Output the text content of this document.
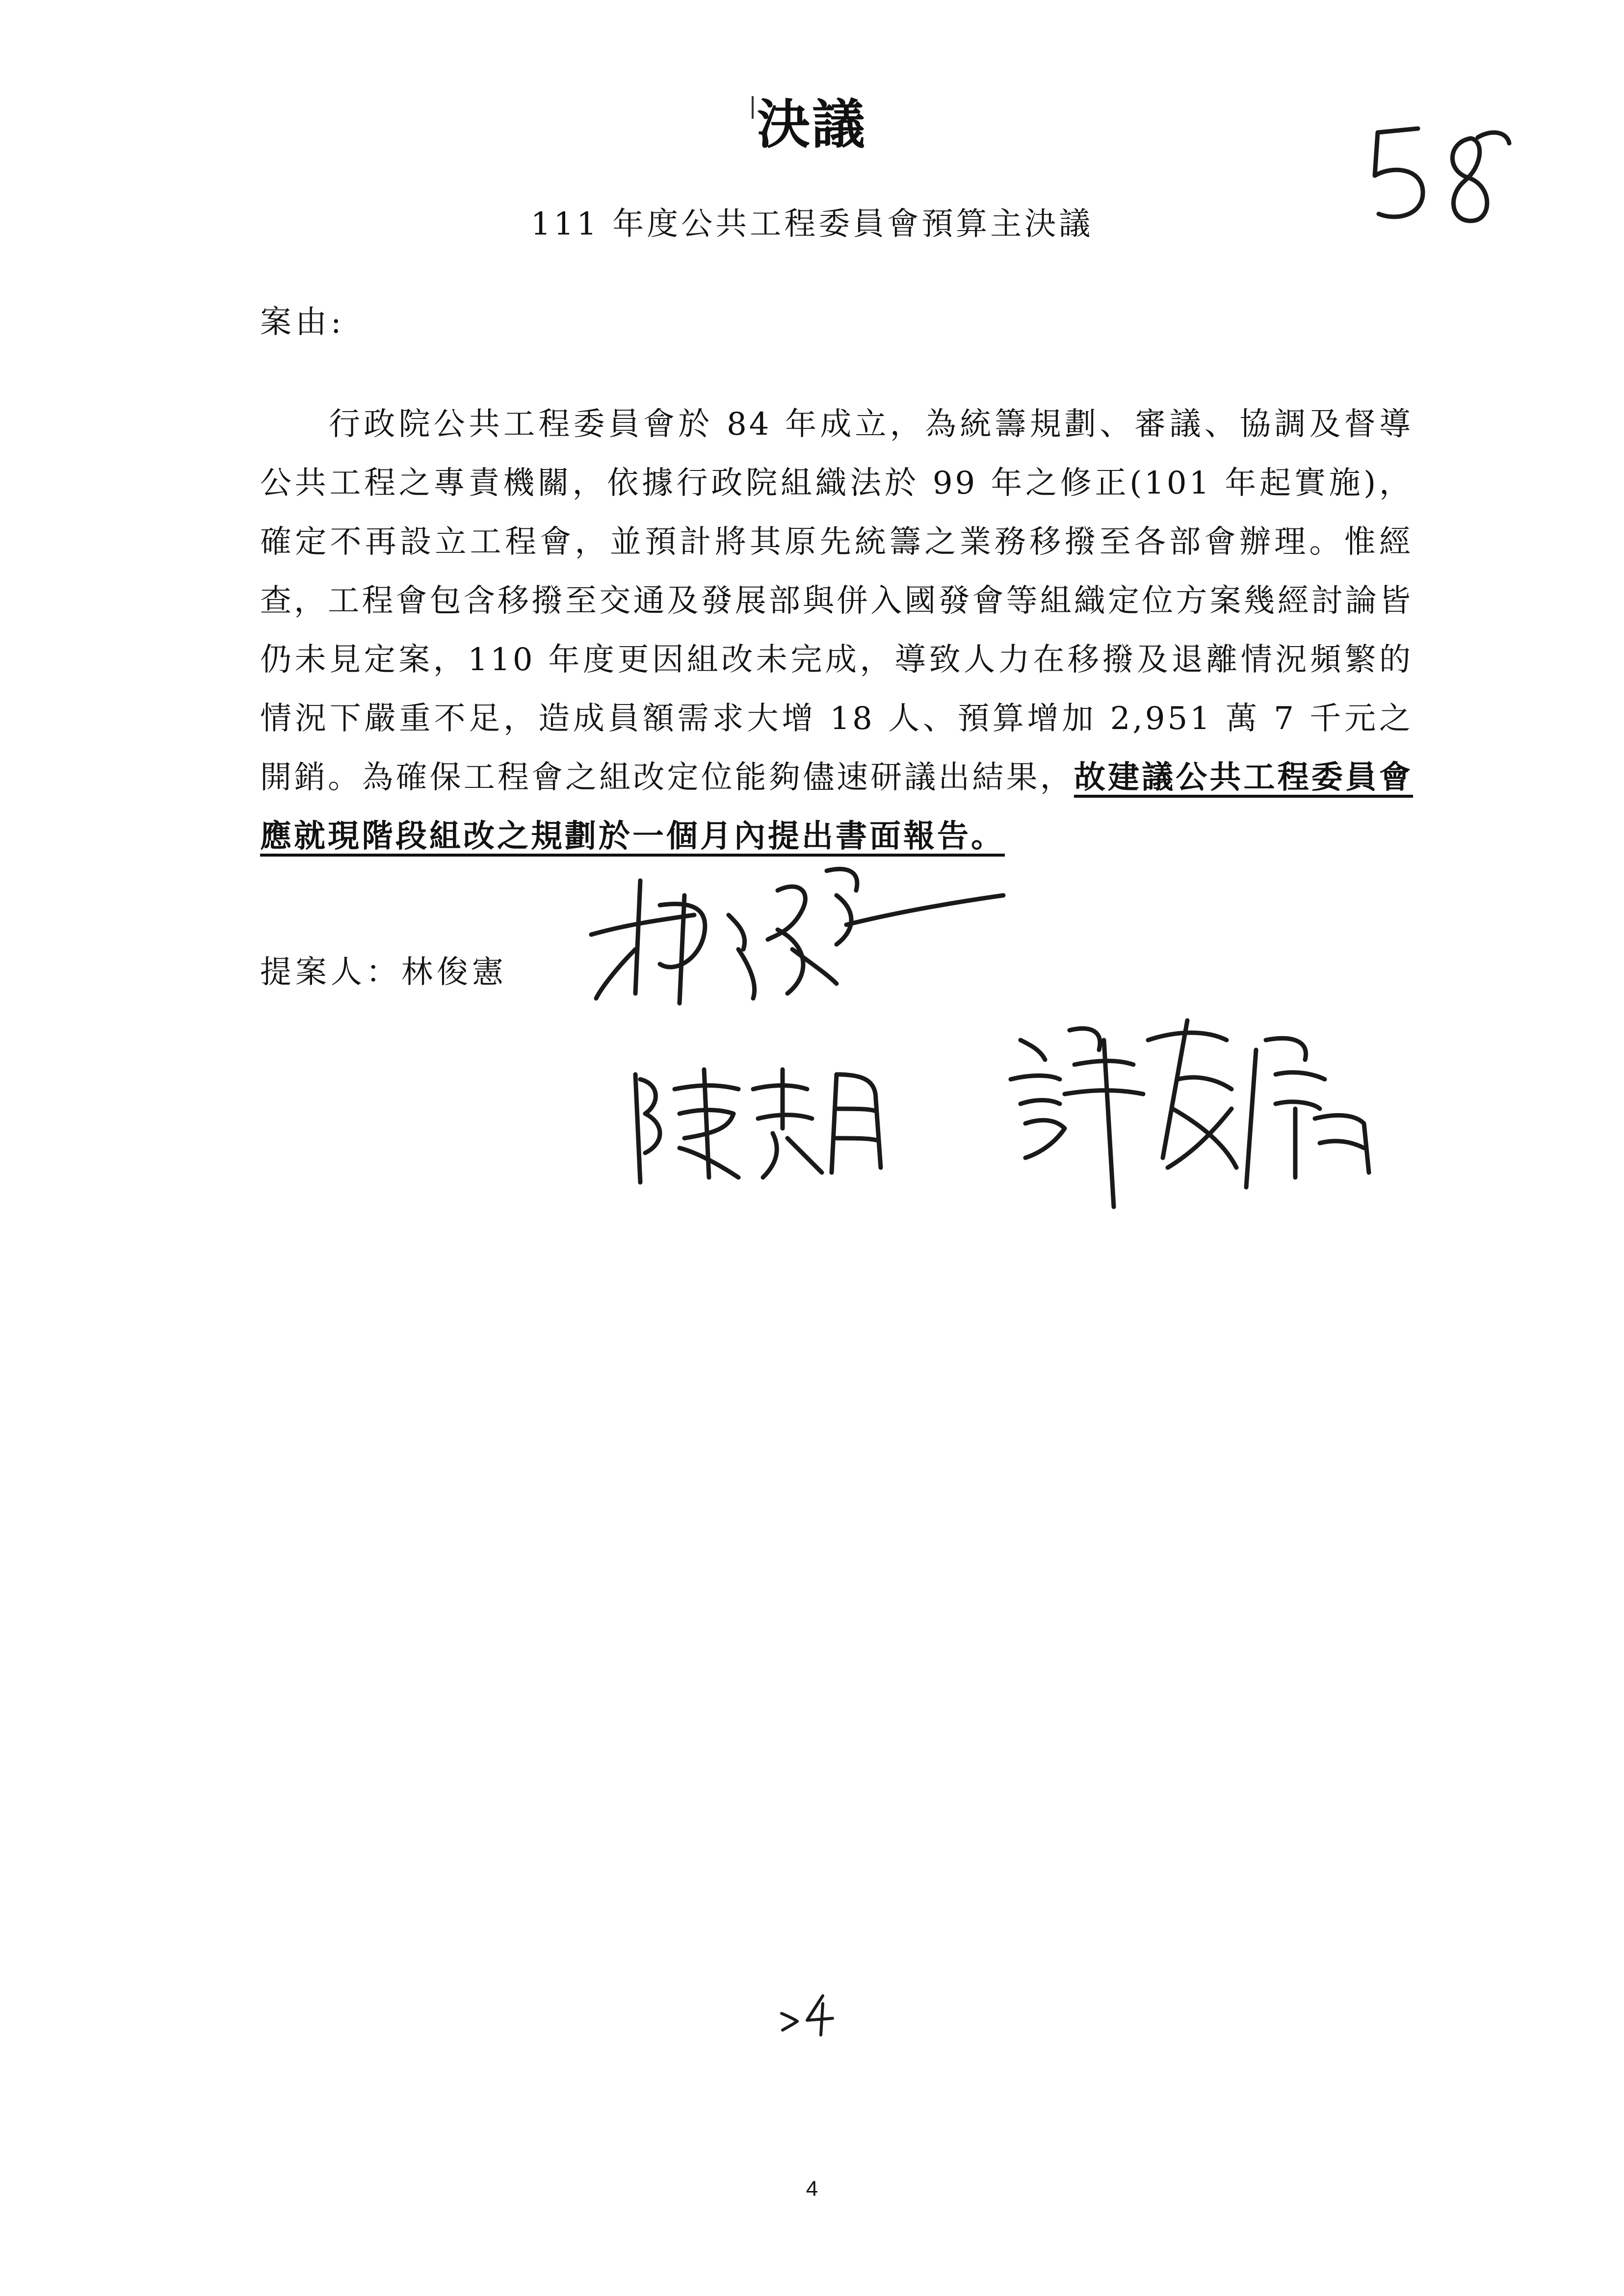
決議
111 年度公共工程委員會預算主決議
案由:
行政院公共工程委員會於 84 年成立，為統籌規劃、審議、協調及督導公共工程之專責機關，依據行政院組織法於 99 年之修正(101 年起實施)，確定不再設立工程會，並預計將其原先統籌之業務移撥至各部會辦理。惟經查，工程會包含移撥至交通及發展部與併入國發會等組織定位方案幾經討論皆仍未見定案，110 年度更因組改未完成，導致人力在移撥及退離情況頻繁的情況下嚴重不足，造成員額需求大增 18 人、預算增加 2,951 萬 7 千元之開銷。為確保工程會之組改定位能夠儘速研議出結果，故建議公共工程委員會應就現階段組改之規劃於一個月內提出書面報告。
提案人：林俊憲
4
